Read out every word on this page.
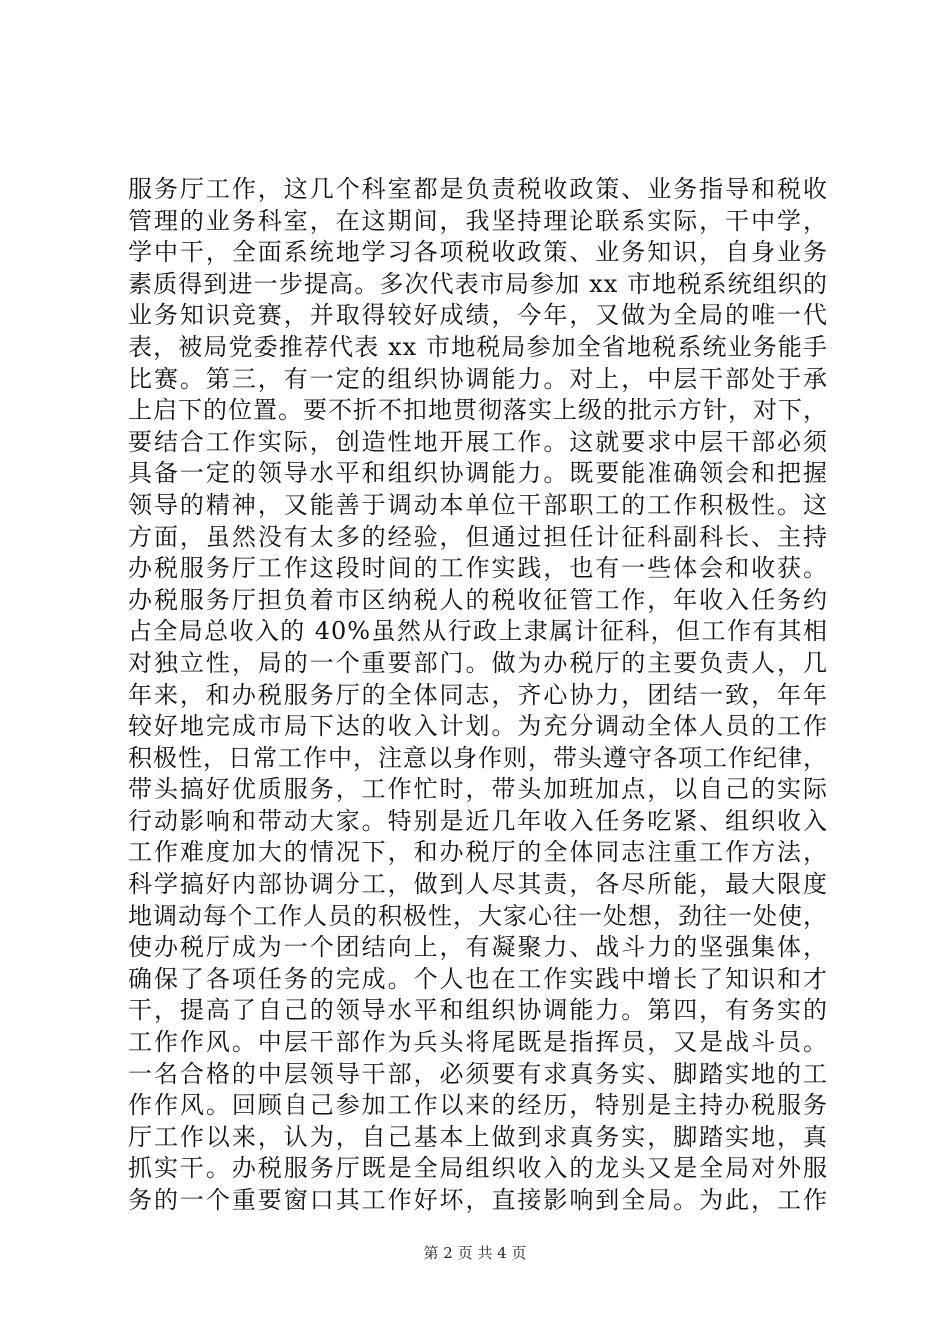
服务厅工作，这几个科室都是负责税收政策、业务指导和税收
管理的业务科室，在这期间，我坚持理论联系实际，干中学，
学中干，全面系统地学习各项税收政策、业务知识，自身业务
素质得到进一步提高。多次代表市局参加 xx 市地税系统组织的
业务知识竞赛，并取得较好成绩，今年，又做为全局的唯一代
表，被局党委推荐代表 xx 市地税局参加全省地税系统业务能手
比赛。第三，有一定的组织协调能力。对上，中层干部处于承
上启下的位置。要不折不扣地贯彻落实上级的批示方针，对下，
要结合工作实际，创造性地开展工作。这就要求中层干部必须
具备一定的领导水平和组织协调能力。既要能准确领会和把握
领导的精神，又能善于调动本单位干部职工的工作积极性。这
方面，虽然没有太多的经验，但通过担任计征科副科长、主持
办税服务厅工作这段时间的工作实践，也有一些体会和收获。
办税服务厅担负着市区纳税人的税收征管工作，年收入任务约
占全局总收入的 40%虽然从行政上隶属计征科，但工作有其相
对独立性，局的一个重要部门。做为办税厅的主要负责人，几
年来，和办税服务厅的全体同志，齐心协力，团结一致，年年
较好地完成市局下达的收入计划。为充分调动全体人员的工作
积极性，日常工作中，注意以身作则，带头遵守各项工作纪律，
带头搞好优质服务，工作忙时，带头加班加点，以自己的实际
行动影响和带动大家。特别是近几年收入任务吃紧、组织收入
工作难度加大的情况下，和办税厅的全体同志注重工作方法，
科学搞好内部协调分工，做到人尽其责，各尽所能，最大限度
地调动每个工作人员的积极性，大家心往一处想，劲往一处使，
使办税厅成为一个团结向上，有凝聚力、战斗力的坚强集体，
确保了各项任务的完成。个人也在工作实践中增长了知识和才
干，提高了自己的领导水平和组织协调能力。第四，有务实的
工作作风。中层干部作为兵头将尾既是指挥员，又是战斗员。
一名合格的中层领导干部，必须要有求真务实、脚踏实地的工
作作风。回顾自己参加工作以来的经历，特别是主持办税服务
厅工作以来，认为，自己基本上做到求真务实，脚踏实地，真
抓实干。办税服务厅既是全局组织收入的龙头又是全局对外服
务的一个重要窗口其工作好坏，直接影响到全局。为此，工作
第 2 页 共 4 页
